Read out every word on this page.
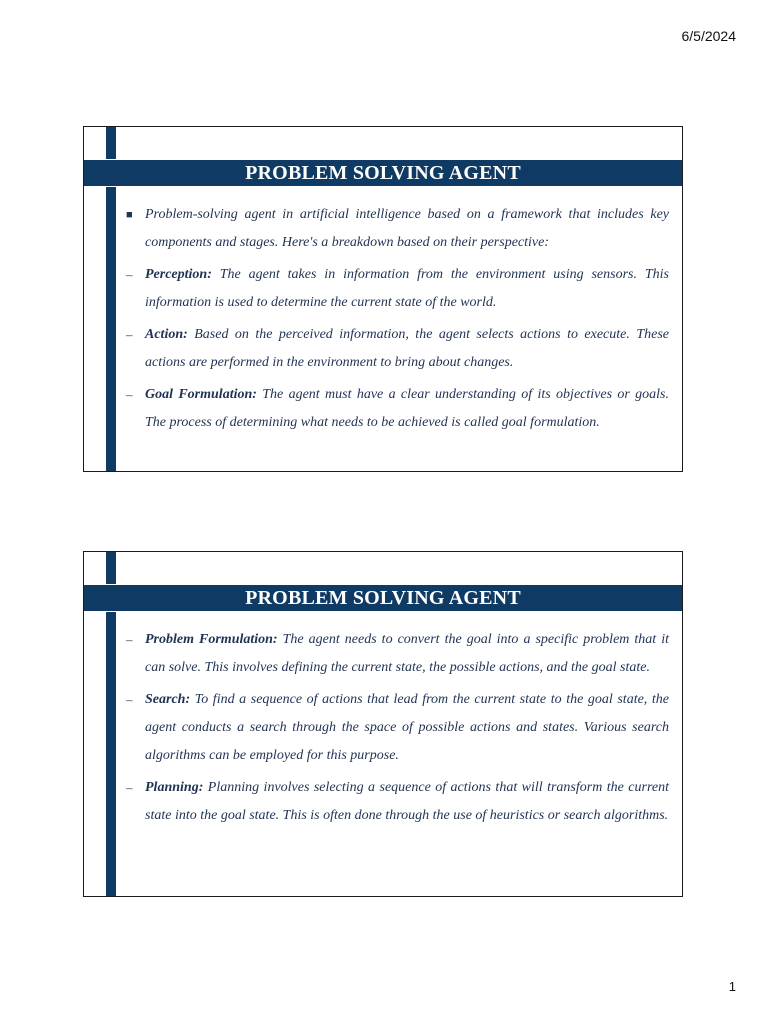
6/5/2024
PROBLEM SOLVING AGENT
■ Problem-solving agent in artificial intelligence based on a framework that includes key components and stages. Here's a breakdown based on their perspective:
– Perception: The agent takes in information from the environment using sensors. This information is used to determine the current state of the world.
– Action: Based on the perceived information, the agent selects actions to execute. These actions are performed in the environment to bring about changes.
– Goal Formulation: The agent must have a clear understanding of its objectives or goals. The process of determining what needs to be achieved is called goal formulation.
PROBLEM SOLVING AGENT
– Problem Formulation: The agent needs to convert the goal into a specific problem that it can solve. This involves defining the current state, the possible actions, and the goal state.
– Search: To find a sequence of actions that lead from the current state to the goal state, the agent conducts a search through the space of possible actions and states. Various search algorithms can be employed for this purpose.
– Planning: Planning involves selecting a sequence of actions that will transform the current state into the goal state. This is often done through the use of heuristics or search algorithms.
1
